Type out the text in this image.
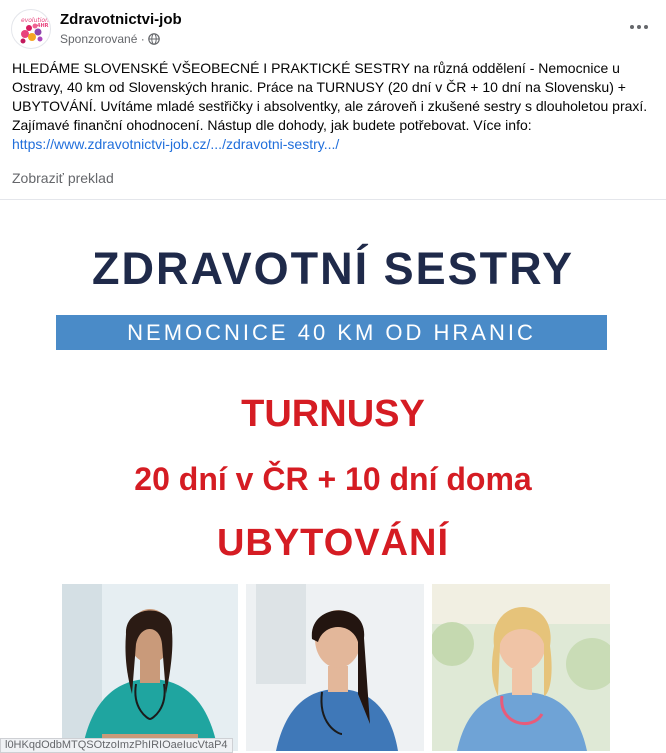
evolution
4HR Zdravotnictvi-job
Sponzorované ·
HLEDÁME SLOVENSKÉ VŠEOBECNÉ I PRAKTICKÉ SESTRY na různá oddělení - Nemocnice u Ostravy, 40 km od Slovenských hranic. Práce na TURNUSY (20 dní v ČR + 10 dní na Slovensku) + UBYTOVÁNÍ. Uvítáme mladé sestřičky i absolventky, ale zároveň i zkušené sestry s dlouholetou praxí. Zajímavé finanční ohodnocení. Nástup dle dohody, jak budete potřebovat. Více info:
https://www.zdravotnictvi-job.cz/.../zdravotni-sestry.../
Zobraziť preklad
ZDRAVOTNÍ SESTRY
NEMOCNICE 40 KM OD HRANIC
TURNUSY
20 dní v ČR + 10 dní doma
UBYTOVÁNÍ
l0HKqdOdbMTQSOtzoImzPhIRIOaeIucVtaP4
